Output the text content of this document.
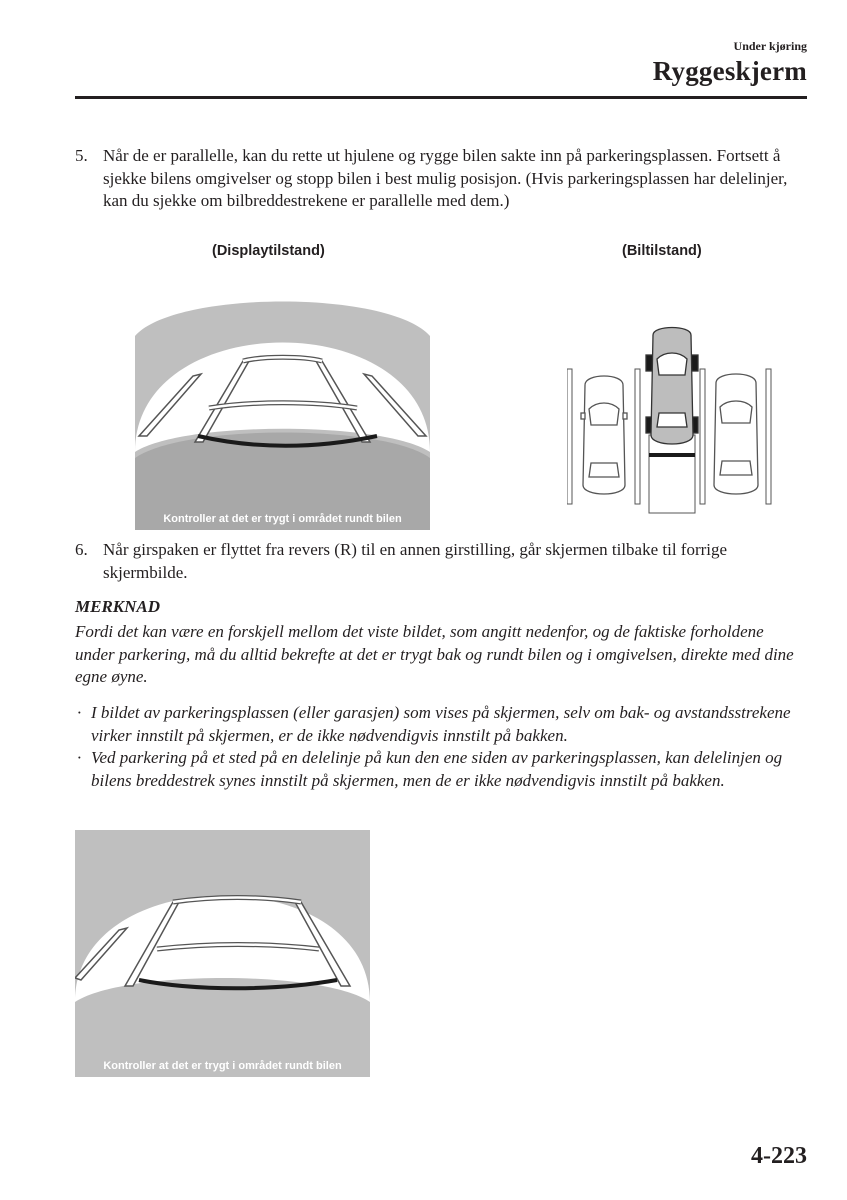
Under kjøring
Ryggeskjerm
5. Når de er parallelle, kan du rette ut hjulene og rygge bilen sakte inn på parkeringsplassen. Fortsett å sjekke bilens omgivelser og stopp bilen i best mulig posisjon. (Hvis parkeringsplassen har delelinjer, kan du sjekke om bilbreddestrekene er parallelle med dem.)
(Displaytilstand)	(Biltilstand)
Kontroller at det er trygt i området rundt bilen
6. Når girspaken er flyttet fra revers (R) til en annen girstilling, går skjermen tilbake til forrige skjermbilde.
MERKNAD
Fordi det kan være en forskjell mellom det viste bildet, som angitt nedenfor, og de faktiske forholdene under parkering, må du alltid bekrefte at det er trygt bak og rundt bilen og i omgivelsen, direkte med dine egne øyne.
· I bildet av parkeringsplassen (eller garasjen) som vises på skjermen, selv om bak- og avstandsstrekene virker innstilt på skjermen, er de ikke nødvendigvis innstilt på bakken.
· Ved parkering på et sted på en delelinje på kun den ene siden av parkeringsplassen, kan delelinjen og bilens breddestrek synes innstilt på skjermen, men de er ikke nødvendigvis innstilt på bakken.
Kontroller at det er trygt i området rundt bilen
4-223
